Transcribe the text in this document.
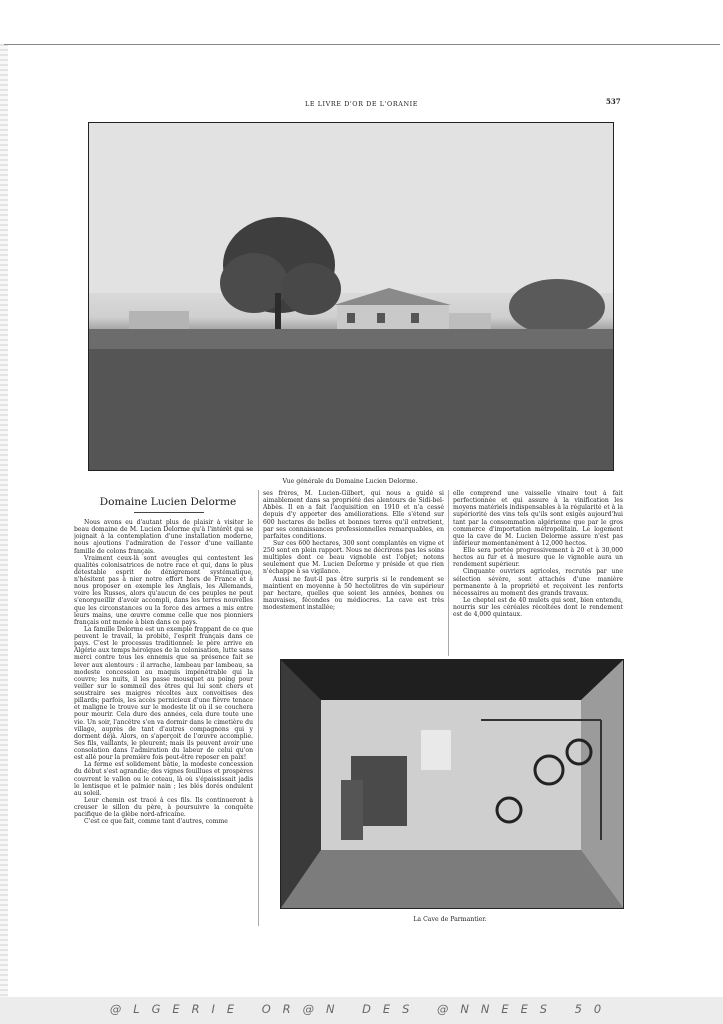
LE LIVRE D'OR DE L'ORANIE	537
Vue générale du Domaine Lucien Delorme.
Domaine Lucien Delorme

Nous avons eu d'autant plus de plaisir à visiter le beau domaine de M. Lucien Delorme qu'à l'intérêt qui se joignait à la contemplation d'une installation moderne, nous ajoutions l'admiration de l'essor d'une vaillante famille de colons français.

Vraiment ceux-là sont aveugles qui contestent les qualités colonisatrices de notre race et qui, dans le plus détestable esprit de dénigrement systématique, n'hésitent pas à nier notre effort hors de France et à nous proposer en exemple les Anglais, les Allemands, voire les Russes, alors qu'aucun de ces peuples ne peut s'enorgueillir d'avoir accompli, dans les terres nouvelles que les circonstances ou la force des armes a mis entre leurs mains, une œuvre comme celle que nos pionniers français ont menée à bien dans ce pays.

La famille Delorme est un exemple frappant de ce que peuvent le travail, la probité, l'esprit français dans ce pays. C'est le processus traditionnel: le père arrive en Algérie aux temps héroïques de la colonisation, lutte sans merci contre tous les ennemis que sa présence fait se lever aux alentours : il arrache, lambeau par lambeau, sa modeste concession au maquis impénétrable qui la couvre; les nuits, il les passe mousquet au poing pour veiller sur le sommeil des êtres qui lui sont chers et soustraire ses maigres récoltes aux convoitises des pillards; parfois, les accès pernicieux d'une fièvre tenace et maligne le trouve sur le modeste lit où il se couchera pour mourir. Cela dure des années, cela dure toute une vie. Un soir, l'ancêtre s'en va dormir dans le cimetière du village, auprès de tant d'autres compagnons qui y dorment déjà. Alors, on s'aperçoit de l'œuvre accomplie. Ses fils, vaillants, le pleurent; mais ils peuvent avoir une consolation dans l'admiration du labeur de celui qu'on est allé pour la première fois peut-être reposer en paix!

La ferme est solidement bâtie, la modeste concession du début s'est agrandie; des vignes feuillues et prospères couvrent le vallon ou le coteau, là où s'épaississait jadis le lentisque et le palmier nain ; les blés dorés ondulent au soleil.

Leur chemin est tracé à ces fils. Ils continueront à creuser le sillon du père, à poursuivre la conquête pacifique de la glèbe nord-africaine.

C'est ce que fait, comme tant d'autres, comme

ses frères, M. Lucien-Gilbert, qui nous a guidé si aimablement dans sa propriété des alentours de Sidi-bel-Abbès. Il en a fait l'acquisition en 1910 et n'a cessé depuis d'y apporter des améliorations. Elle s'étend sur 600 hectares de belles et bonnes terres qu'il entretient, par ses connaissances professionnelles remarquables, en parfaites conditions.

Sur ces 600 hectares, 300 sont complantés en vigne et 250 sont en plein rapport. Nous ne décrirons pas les soins multiples dont ce beau vignoble est l'objet; notons seulement que M. Lucien Delorme y préside et que rien n'échappe à sa vigilance.

Aussi ne faut-il pas être surpris si le rendement se maintient en moyenne à 50 hectolitres de vin supérieur par hectare, quelles que soient les années, bonnes ou mauvaises, fécondes ou médiocres. La cave est très modestement installée;

elle comprend une vaisselle vinaire tout à fait perfectionnée et qui assure à la vinification les moyens matériels indispensables à la régularité et à la supériorité des vins tels qu'ils sont exigés aujourd'hui tant par la consommation algérienne que par le gros commerce d'importation métropolitain. Le logement que la cave de M. Lucien Delorme assure n'est pas inférieur momentanément à 12,000 hectos.

Elle sera portée progressivement à 20 et à 30,000 hectos au fur et à mesure que le vignoble aura un rendement supérieur.

Cinquante ouvriers agricoles, recrutés par une sélection sévère, sont attachés d'une manière permanente à la propriété et reçoivent les renforts nécessaires au moment des grands travaux.

Le cheptel est de 40 mulets qui sont, bien entendu, nourris sur les céréales récoltées dont le rendement est de 4,000 quintaux.

La Cave de Parmantier.
@LGERIE OR@N DES @NNEES 50
